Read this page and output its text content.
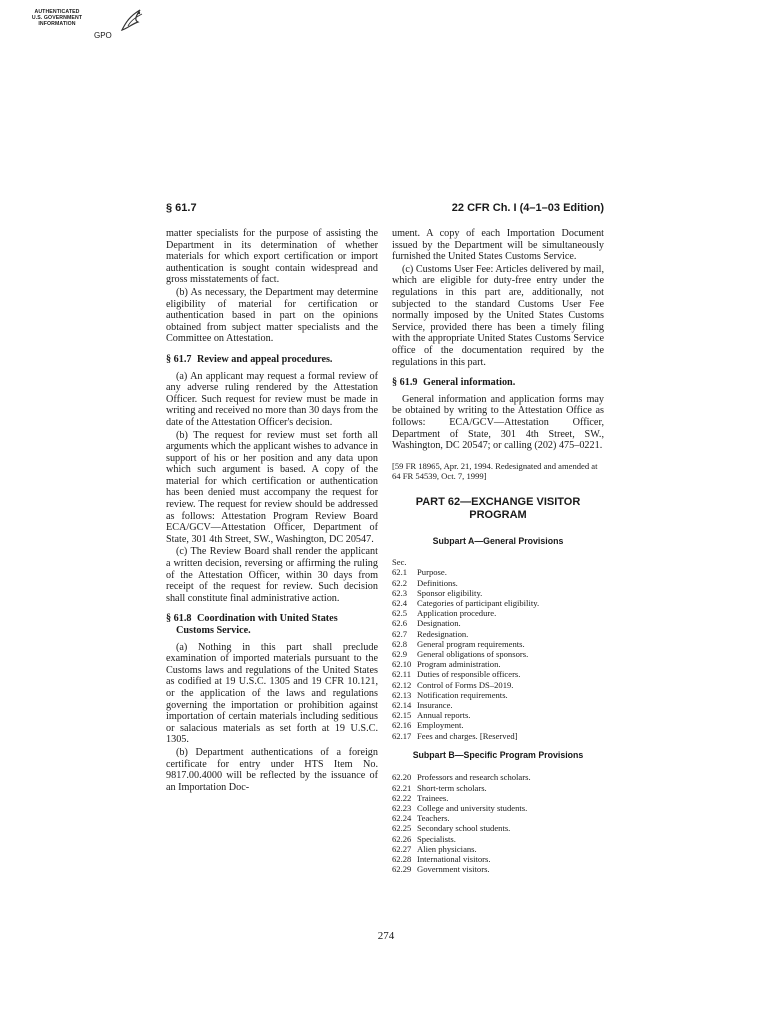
AUTHENTICATED
U.S. GOVERNMENT
INFORMATION
GPO
§ 61.7	22 CFR Ch. I (4–1–03 Edition)

matter specialists for the purpose of assisting the Department in its determination of whether materials for which export certification or import authentication is sought contain widespread and gross misstatements of fact.

(b) As necessary, the Department may determine eligibility of material for certification or authentication based in part on the opinions obtained from subject matter specialists and the Committee on Attestation.

§ 61.7 Review and appeal procedures.

(a) An applicant may request a formal review of any adverse ruling rendered by the Attestation Officer. Such request for review must be made in writing and received no more than 30 days from the date of the Attestation Officer's decision.

(b) The request for review must set forth all arguments which the applicant wishes to advance in support of his or her position and any data upon which such argument is based. A copy of the material for which certification or authentication has been denied must accompany the request for review. The request for review should be addressed as follows: Attestation Program Review Board ECA/GCV—Attestation Officer, Department of State, 301 4th Street, SW., Washington, DC 20547.

(c) The Review Board shall render the applicant a written decision, reversing or affirming the ruling of the Attestation Officer, within 30 days from receipt of the request for review. Such decision shall constitute final administrative action.

§ 61.8 Coordination with United States Customs Service.

(a) Nothing in this part shall preclude examination of imported materials pursuant to the Customs laws and regulations of the United States as codified at 19 U.S.C. 1305 and 19 CFR 10.121, or the application of the laws and regulations governing the importation or prohibition against importation of certain materials including seditious or salacious materials as set forth at 19 U.S.C. 1305.

(b) Department authentications of a foreign certificate for entry under HTS Item No. 9817.00.4000 will be reflected by the issuance of an Importation Doc-

ument. A copy of each Importation Document issued by the Department will be simultaneously furnished the United States Customs Service.

(c) Customs User Fee: Articles delivered by mail, which are eligible for duty-free entry under the regulations in this part are, additionally, not subjected to the standard Customs User Fee normally imposed by the United States Customs Service, provided there has been a timely filing with the appropriate United States Customs Service office of the documentation required by the regulations in this part.

§ 61.9 General information.

General information and application forms may be obtained by writing to the Attestation Office as follows: ECA/GCV—Attestation Officer, Department of State, 301 4th Street, SW., Washington, DC 20547; or calling (202) 475–0221.

[59 FR 18965, Apr. 21, 1994. Redesignated and amended at 64 FR 54539, Oct. 7, 1999]

PART 62—EXCHANGE VISITOR
PROGRAM
Subpart A—General Provisions

Sec.

62.1	Purpose.
62.2	Definitions.
62.3	Sponsor eligibility.
62.4	Categories of participant eligibility.
62.5	Application procedure.
62.6	Designation.
62.7	Redesignation.
62.8	General program requirements.
62.9	General obligations of sponsors.
62.10 Program administration.
62.11 Duties of responsible officers.
62.12 Control of Forms DS–2019.
62.13 Notification requirements.
62.14 Insurance.
62.15 Annual reports.
62.16 Employment.
62.17 Fees and charges. [Reserved]
Subpart B—Specific Program Provisions
62.20 Professors and research scholars.
62.21 Short-term scholars.
62.22 Trainees.
62.23 College and university students.
62.24 Teachers.
62.25 Secondary school students.
62.26 Specialists.
62.27 Alien physicians.
62.28 International visitors.
62.29 Government visitors.
274
